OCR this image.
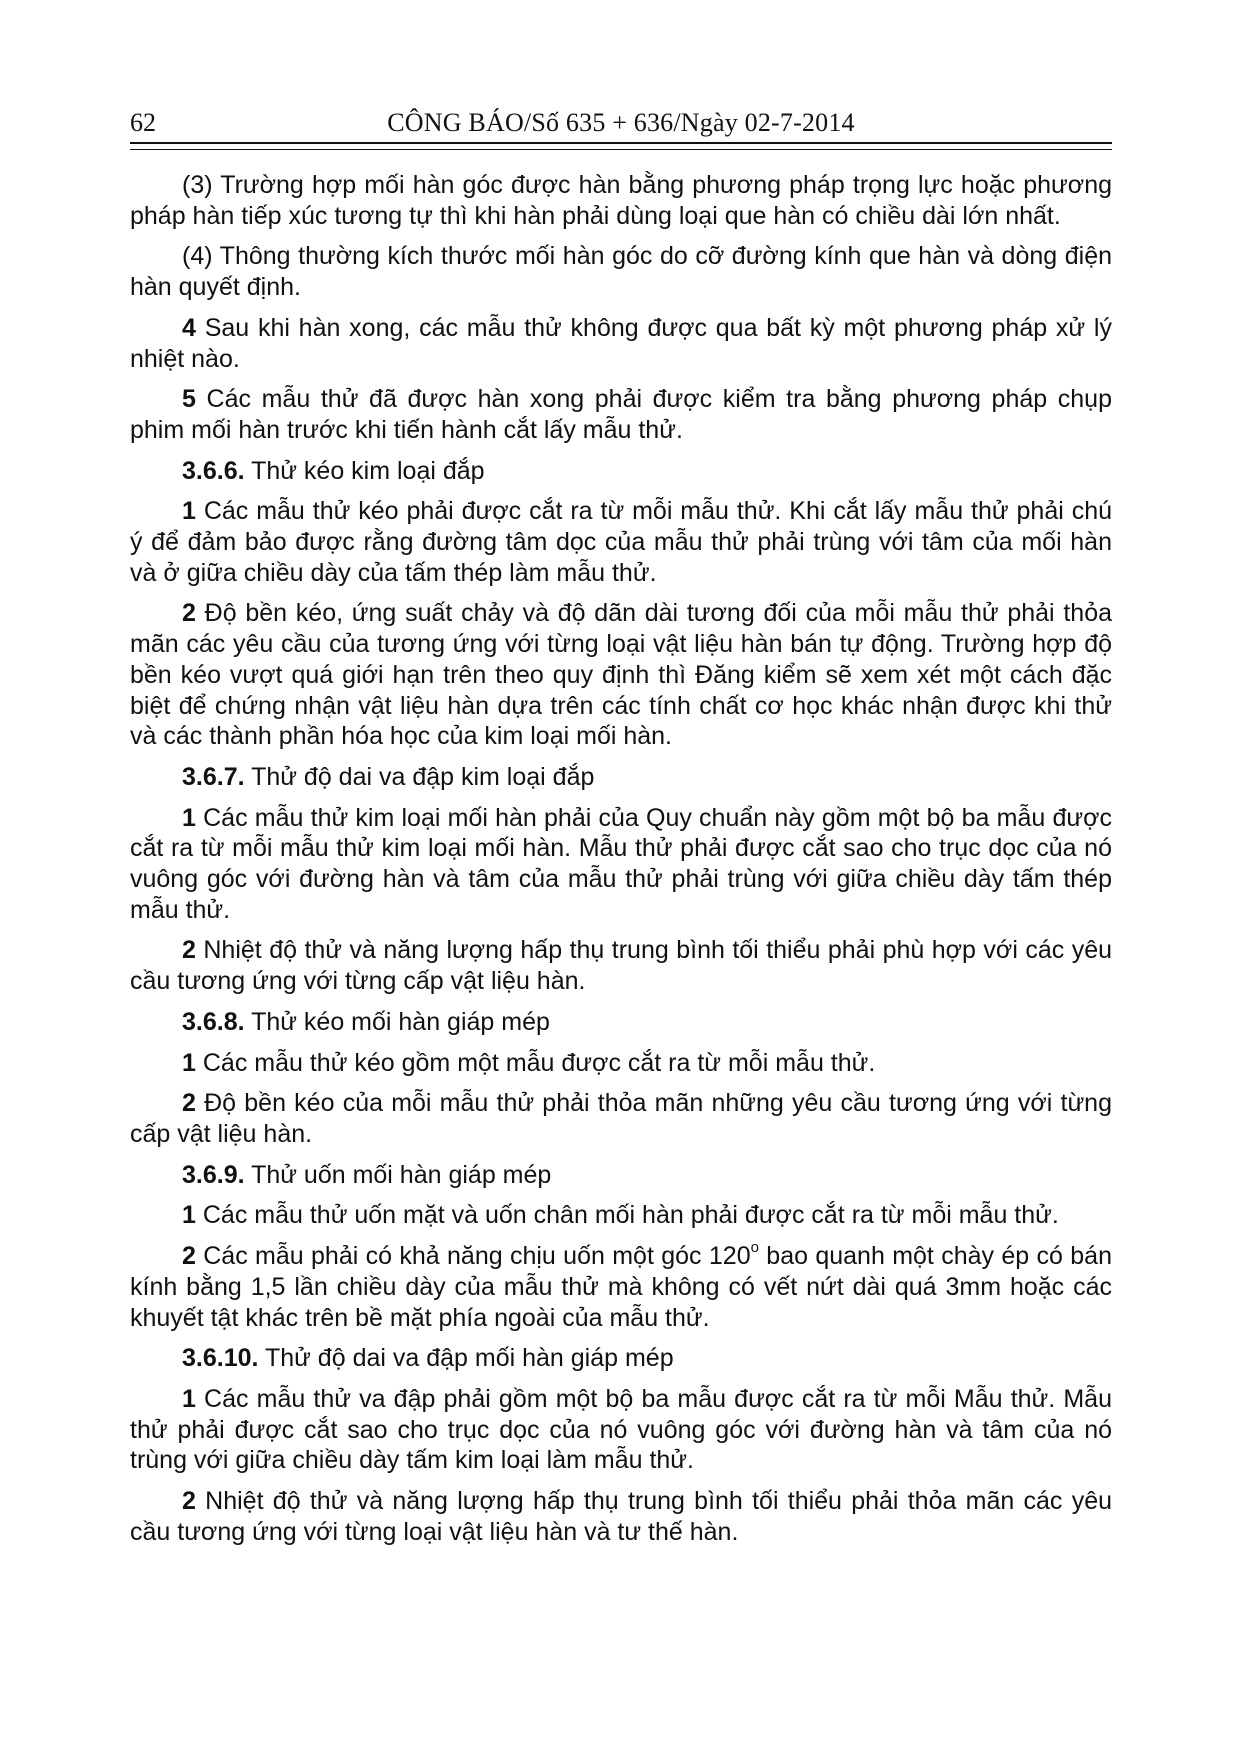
62	CÔNG BÁO/Số 635 + 636/Ngày 02-7-2014

(3) Trường hợp mối hàn góc được hàn bằng phương pháp trọng lực hoặc phương pháp hàn tiếp xúc tương tự thì khi hàn phải dùng loại que hàn có chiều dài lớn nhất.

(4) Thông thường kích thước mối hàn góc do cỡ đường kính que hàn và dòng điện hàn quyết định.

4 Sau khi hàn xong, các mẫu thử không được qua bất kỳ một phương pháp xử lý nhiệt nào.

5 Các mẫu thử đã được hàn xong phải được kiểm tra bằng phương pháp chụp phim mối hàn trước khi tiến hành cắt lấy mẫu thử.

3.6.6. Thử kéo kim loại đắp

1 Các mẫu thử kéo phải được cắt ra từ mỗi mẫu thử. Khi cắt lấy mẫu thử phải chú ý để đảm bảo được rằng đường tâm dọc của mẫu thử phải trùng với tâm của mối hàn và ở giữa chiều dày của tấm thép làm mẫu thử.

2 Độ bền kéo, ứng suất chảy và độ dãn dài tương đối của mỗi mẫu thử phải thỏa mãn các yêu cầu của tương ứng với từng loại vật liệu hàn bán tự động. Trường hợp độ bền kéo vượt quá giới hạn trên theo quy định thì Đăng kiểm sẽ xem xét một cách đặc biệt để chứng nhận vật liệu hàn dựa trên các tính chất cơ học khác nhận được khi thử và các thành phần hóa học của kim loại mối hàn.

3.6.7. Thử độ dai va đập kim loại đắp

1 Các mẫu thử kim loại mối hàn phải của Quy chuẩn này gồm một bộ ba mẫu được cắt ra từ mỗi mẫu thử kim loại mối hàn. Mẫu thử phải được cắt sao cho trục dọc của nó vuông góc với đường hàn và tâm của mẫu thử phải trùng với giữa chiều dày tấm thép mẫu thử.

2 Nhiệt độ thử và năng lượng hấp thụ trung bình tối thiểu phải phù hợp với các yêu cầu tương ứng với từng cấp vật liệu hàn.

3.6.8. Thử kéo mối hàn giáp mép

1 Các mẫu thử kéo gồm một mẫu được cắt ra từ mỗi mẫu thử.

2 Độ bền kéo của mỗi mẫu thử phải thỏa mãn những yêu cầu tương ứng với từng cấp vật liệu hàn.

3.6.9. Thử uốn mối hàn giáp mép

1 Các mẫu thử uốn mặt và uốn chân mối hàn phải được cắt ra từ mỗi mẫu thử.

2 Các mẫu phải có khả năng chịu uốn một góc 120$^o$ bao quanh một chày ép có bán kính bằng 1,5 lần chiều dày của mẫu thử mà không có vết nứt dài quá 3mm hoặc các khuyết tật khác trên bề mặt phía ngoài của mẫu thử.

3.6.10. Thử độ dai va đập mối hàn giáp mép

1 Các mẫu thử va đập phải gồm một bộ ba mẫu được cắt ra từ mỗi Mẫu thử. Mẫu thử phải được cắt sao cho trục dọc của nó vuông góc với đường hàn và tâm của nó trùng với giữa chiều dày tấm kim loại làm mẫu thử.

2 Nhiệt độ thử và năng lượng hấp thụ trung bình tối thiểu phải thỏa mãn các yêu cầu tương ứng với từng loại vật liệu hàn và tư thế hàn.
